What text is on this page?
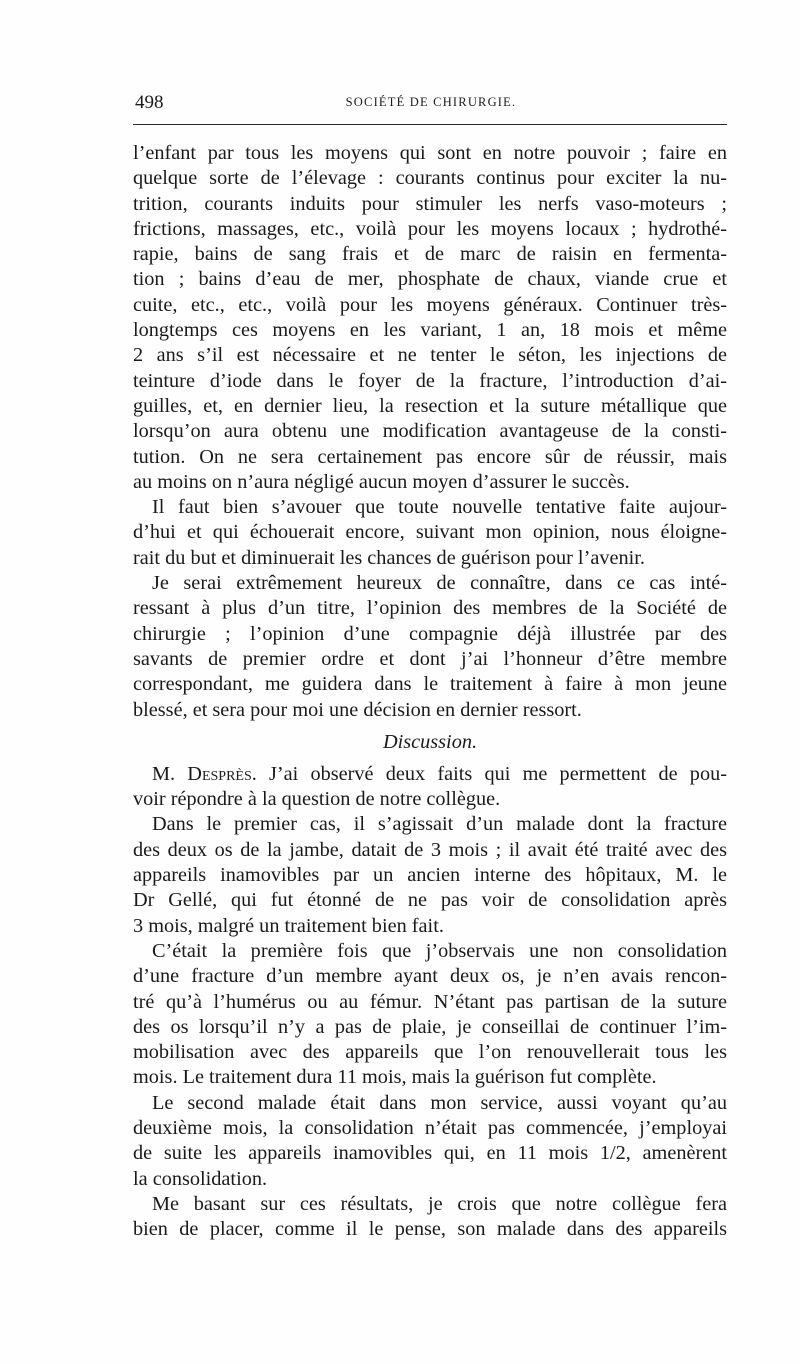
498	SOCIÉTÉ DE CHIRURGIE.
l’enfant par tous les moyens qui sont en notre pouvoir ; faire en
quelque sorte de l’élevage : courants continus pour exciter la nu-
trition, courants induits pour stimuler les nerfs vaso-moteurs ;
frictions, massages, etc., voilà pour les moyens locaux ; hydrothé-
rapie, bains de sang frais et de marc de raisin en fermenta-
tion ; bains d’eau de mer, phosphate de chaux, viande crue et
cuite, etc., etc., voilà pour les moyens généraux. Continuer très-
longtemps ces moyens en les variant, 1 an, 18 mois et même
2 ans s’il est nécessaire et ne tenter le séton, les injections de
teinture d’iode dans le foyer de la fracture, l’introduction d’ai-
guilles, et, en dernier lieu, la resection et la suture métallique que
lorsqu’on aura obtenu une modification avantageuse de la consti-
tution. On ne sera certainement pas encore sûr de réussir, mais
au moins on n’aura négligé aucun moyen d’assurer le succès.
Il faut bien s’avouer que toute nouvelle tentative faite aujour-
d’hui et qui échouerait encore, suivant mon opinion, nous éloigne-
rait du but et diminuerait les chances de guérison pour l’avenir.
Je serai extrêmement heureux de connaître, dans ce cas inté-
ressant à plus d’un titre, l’opinion des membres de la Société de
chirurgie ; l’opinion d’une compagnie déjà illustrée par des
savants de premier ordre et dont j’ai l’honneur d’être membre
correspondant, me guidera dans le traitement à faire à mon jeune
blessé, et sera pour moi une décision en dernier ressort.
Discussion.
M. Desprès. J’ai observé deux faits qui me permettent de pou-
voir répondre à la question de notre collègue.
Dans le premier cas, il s’agissait d’un malade dont la fracture
des deux os de la jambe, datait de 3 mois ; il avait été traité avec des
appareils inamovibles par un ancien interne des hôpitaux, M. le
Dr Gellé, qui fut étonné de ne pas voir de consolidation après
3 mois, malgré un traitement bien fait.
C’était la première fois que j’observais une non consolidation
d’une fracture d’un membre ayant deux os, je n’en avais rencon-
tré qu’à l’humérus ou au fémur. N’étant pas partisan de la suture
des os lorsqu’il n’y a pas de plaie, je conseillai de continuer l’im-
mobilisation avec des appareils que l’on renouvellerait tous les
mois. Le traitement dura 11 mois, mais la guérison fut complète.
Le second malade était dans mon service, aussi voyant qu’au
deuxième mois, la consolidation n’était pas commencée, j’employai
de suite les appareils inamovibles qui, en 11 mois 1/2, amenèrent
la consolidation.
Me basant sur ces résultats, je crois que notre collègue fera
bien de placer, comme il le pense, son malade dans des appareils
